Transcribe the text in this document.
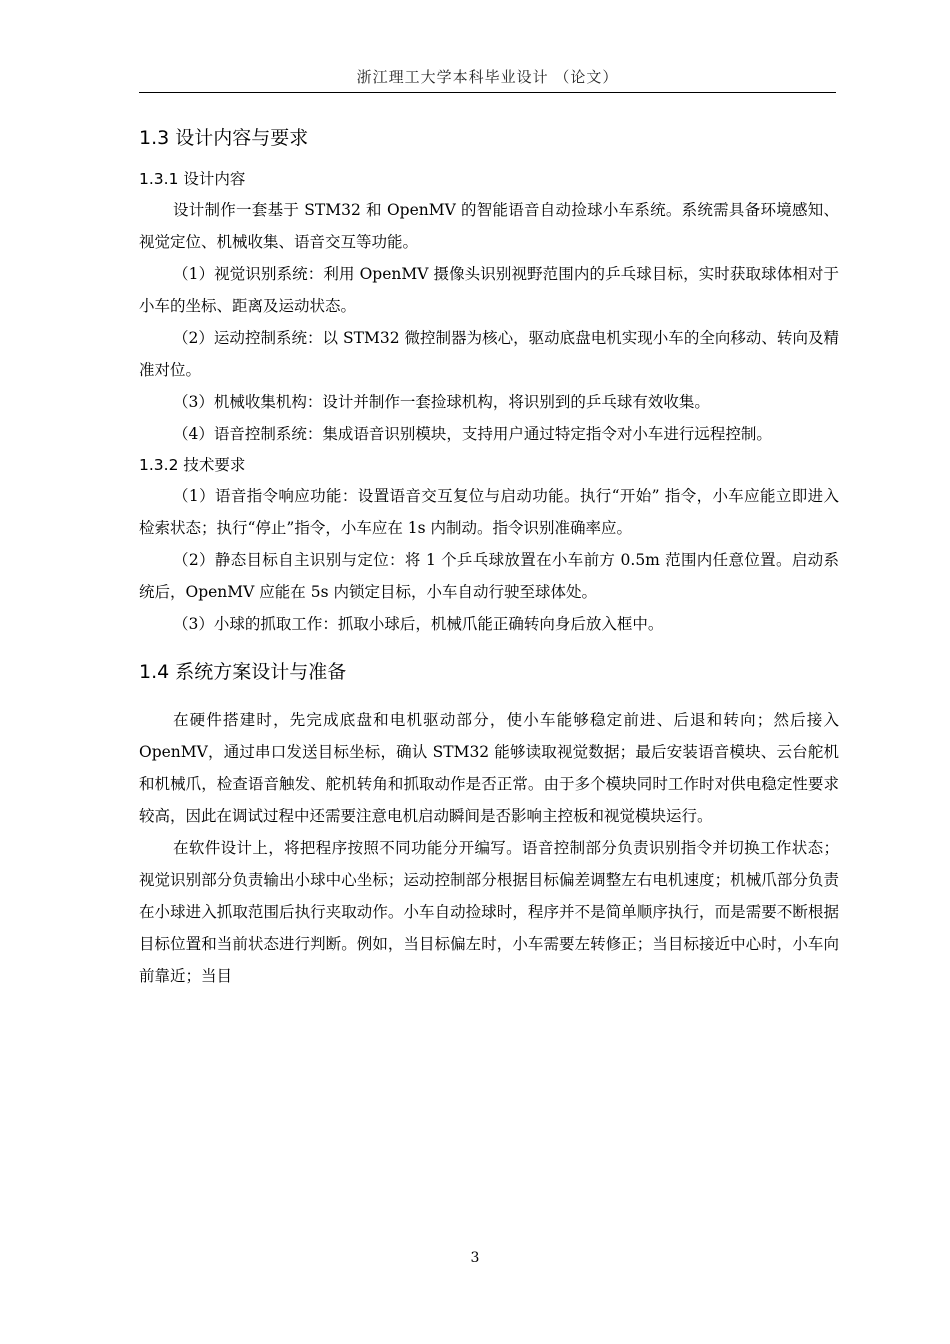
浙江理工大学本科毕业设计 （论文）
1.3 设计内容与要求
1.3.1 设计内容

设计制作一套基于 STM32 和 OpenMV 的智能语音自动捡球小车系统。系统需具备环境感知、视觉定位、机械收集、语音交互等功能。

（1）视觉识别系统：利用 OpenMV 摄像头识别视野范围内的乒乓球目标，实时获取球体相对于小车的坐标、距离及运动状态。

（2）运动控制系统：以 STM32 微控制器为核心，驱动底盘电机实现小车的全向移动、转向及精准对位。

（3）机械收集机构：设计并制作一套捡球机构，将识别到的乒乓球有效收集。

（4）语音控制系统：集成语音识别模块，支持用户通过特定指令对小车进行远程控制。

1.3.2 技术要求

（1）语音指令响应功能：设置语音交互复位与启动功能。执行“开始” 指令，小车应能立即进入检索状态；执行“停止”指令，小车应在 1s 内制动。指令识别准确率应。

（2）静态目标自主识别与定位：将 1 个乒乓球放置在小车前方 0.5m 范围内任意位置。启动系统后，OpenMV 应能在 5s 内锁定目标，小车自动行驶至球体处。

（3）小球的抓取工作：抓取小球后，机械爪能正确转向身后放入框中。

1.4 系统方案设计与准备

在硬件搭建时，先完成底盘和电机驱动部分，使小车能够稳定前进、后退和转向；然后接入 OpenMV，通过串口发送目标坐标，确认 STM32 能够读取视觉数据；最后安装语音模块、云台舵机和机械爪，检查语音触发、舵机转角和抓取动作是否正常。由于多个模块同时工作时对供电稳定性要求较高，因此在调试过程中还需要注意电机启动瞬间是否影响主控板和视觉模块运行。

在软件设计上，将把程序按照不同功能分开编写。语音控制部分负责识别指令并切换工作状态；视觉识别部分负责输出小球中心坐标；运动控制部分根据目标偏差调整左右电机速度；机械爪部分负责在小球进入抓取范围后执行夹取动作。小车自动捡球时，程序并不是简单顺序执行，而是需要不断根据目标位置和当前状态进行判断。例如，当目标偏左时，小车需要左转修正；当目标接近中心时，小车向前靠近；当目

3
